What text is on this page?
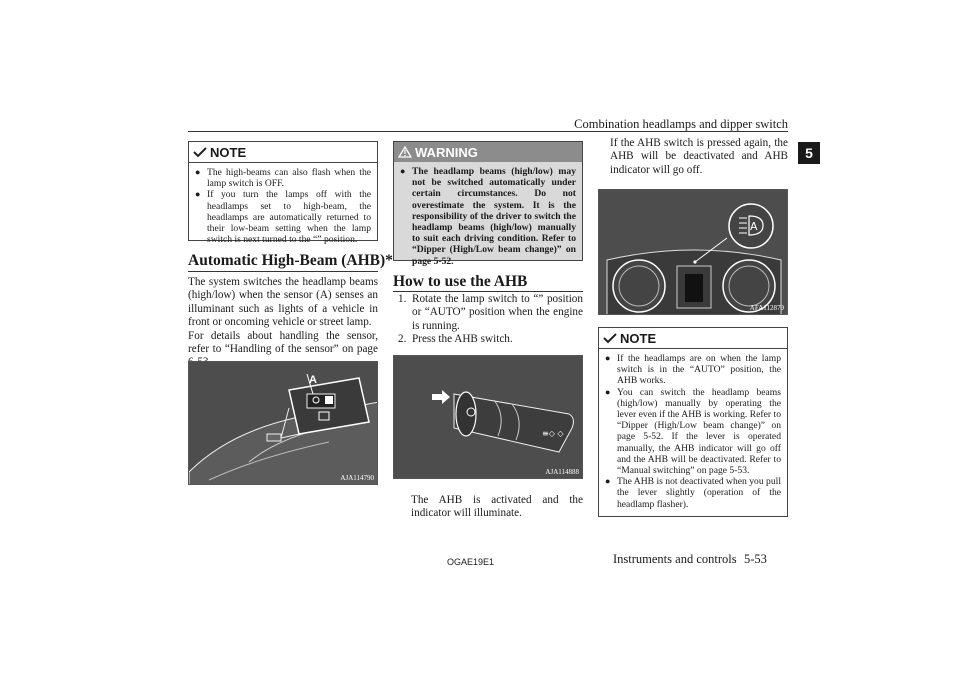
Combination headlamps and dipper switch
5
NOTE
● The high-beams can also flash when the lamp switch is OFF.
● If you turn the lamps off with the headlamps set to high-beam, the headlamps are automatically returned to their low-beam setting when the lamp switch is next turned to the “” position.
Automatic High-Beam (AHB)*
The system switches the headlamp beams (high/low) when the sensor (A) senses an illuminant such as lights of a vehicle in front or oncoming vehicle or street lamp.
For details about handling the sensor, refer to “Handling of the sensor” on page
A
AJA114790
WARNING
● The headlamp beams (high/low) may not be switched automatically under certain circumstances. Do not overestimate the system. It is the responsibility of the driver to switch the headlamp beams (high/low) manually to suit each driving condition. Refer to “Dipper (High/Low beam change)” on page 5-52.
How to use the AHB
1. Rotate the lamp switch to “” position or “AUTO” position when the engine is running.
2. Press the AHB switch.
≡◇ ◇
AJA114888
The AHB is activated and the indicator will illuminate.
If the AHB switch is pressed again, the AHB will be deactivated and AHB indicator will go off.
A
AFA112879
NOTE
● If the headlamps are on when the lamp switch is in the “AUTO” position, the AHB works.
● You can switch the headlamp beams (high/low) manually by operating the lever even if the AHB is working. Refer to “Dipper (High/Low beam change)” on page 5-52. If the lever is operated manually, the AHB indicator will go off and the AHB will be deactivated. Refer to “Manual switching” on page 5-53.
● The AHB is not deactivated when you pull the lever slightly (operation of the headlamp flasher).
OGAE19E1	Instruments and controls 5-53
